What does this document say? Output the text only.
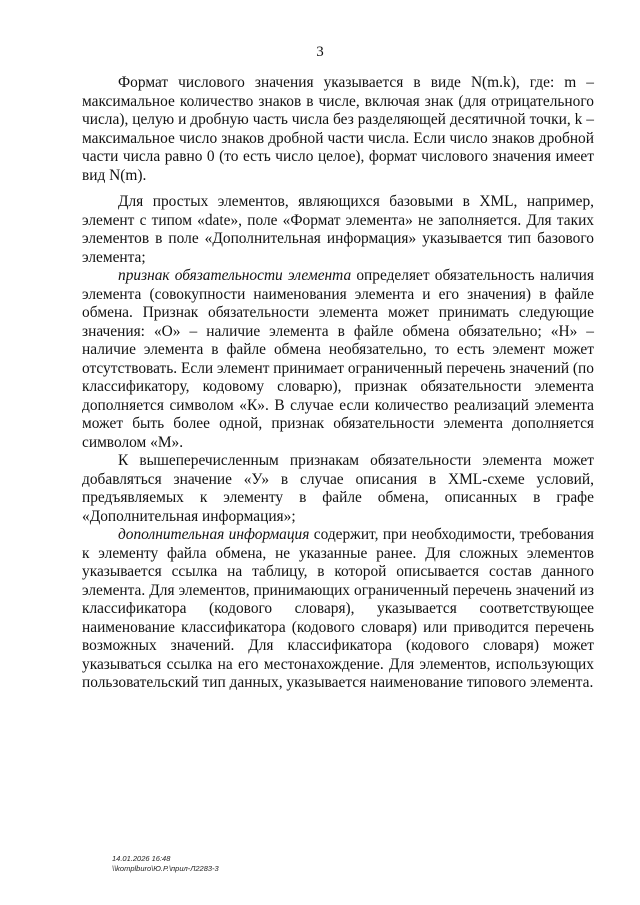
3

Формат числового значения указывается в виде N(m.k), где: m – максимальное количество знаков в числе, включая знак (для отрицательного числа), целую и дробную часть числа без разделяющей десятичной точки, k – максимальное число знаков дробной части числа. Если число знаков дробной части числа равно 0 (то есть число целое), формат числового значения имеет вид N(m).

Для простых элементов, являющихся базовыми в XML, например, элемент с типом «date», поле «Формат элемента» не заполняется. Для таких элементов в поле «Дополнительная информация» указывается тип базового элемента;

признак обязательности элемента определяет обязательность наличия элемента (совокупности наименования элемента и его значения) в файле обмена. Признак обязательности элемента может принимать следующие значения: «О» – наличие элемента в файле обмена обязательно; «Н» – наличие элемента в файле обмена необязательно, то есть элемент может отсутствовать. Если элемент принимает ограниченный перечень значений (по классификатору, кодовому словарю), признак обязательности элемента дополняется символом «К». В случае если количество реализаций элемента может быть более одной, признак обязательности элемента дополняется символом «М».

К вышеперечисленным признакам обязательности элемента может добавляться значение «У» в случае описания в XML-схеме условий, предъявляемых к элементу в файле обмена, описанных в графе «Дополнительная информация»;

дополнительная информация содержит, при необходимости, требования к элементу файла обмена, не указанные ранее. Для сложных элементов указывается ссылка на таблицу, в которой описывается состав данного элемента. Для элементов, принимающих ограниченный перечень значений из классификатора (кодового словаря), указывается соответствующее наименование классификатора (кодового словаря) или приводится перечень возможных значений. Для классификатора (кодового словаря) может указываться ссылка на его местонахождение. Для элементов, использующих пользовательский тип данных, указывается наименование типового элемента.

14.01.2026 16:48
\\komplburo\Ю.Р.\прил-Л2283-3
